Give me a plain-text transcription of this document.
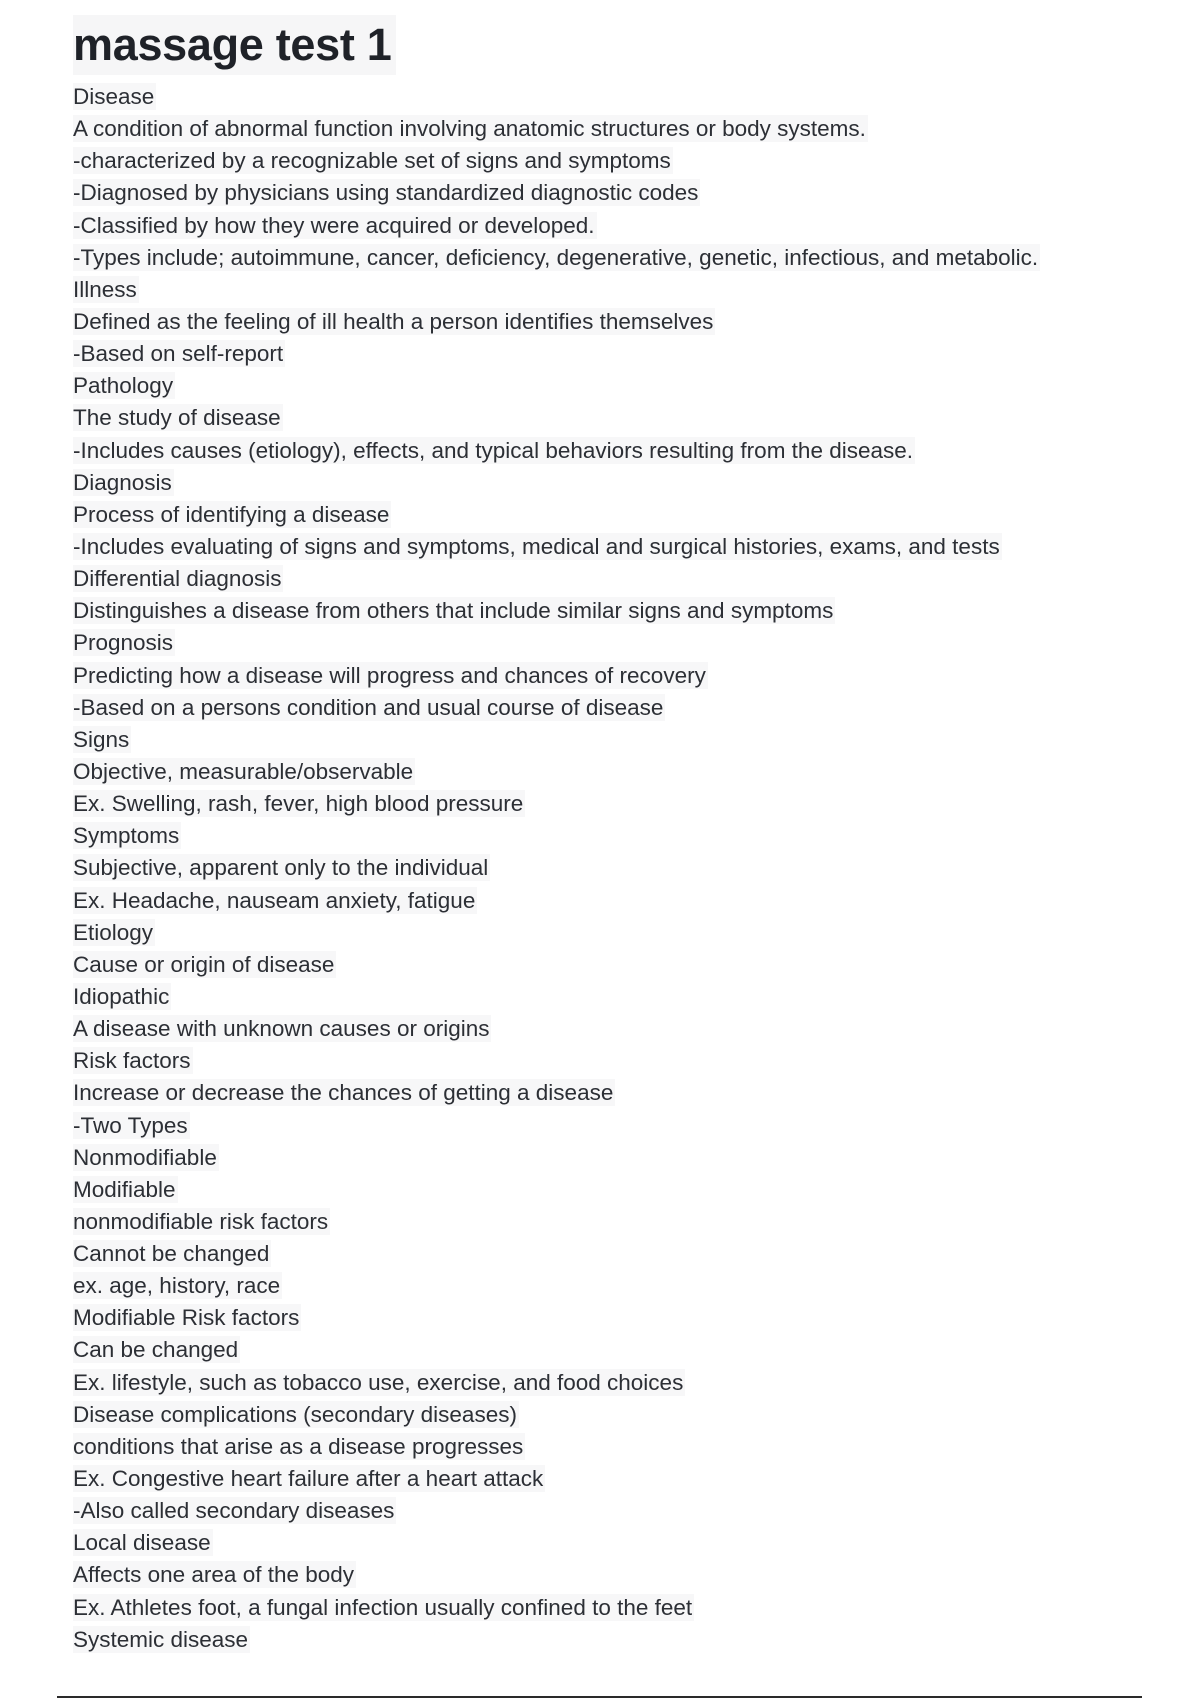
massage test 1
Disease
A condition of abnormal function involving anatomic structures or body systems.
-characterized by a recognizable set of signs and symptoms
-Diagnosed by physicians using standardized diagnostic codes
-Classified by how they were acquired or developed.
-Types include; autoimmune, cancer, deficiency, degenerative, genetic, infectious, and metabolic.
Illness
Defined as the feeling of ill health a person identifies themselves
-Based on self-report
Pathology
The study of disease
-Includes causes (etiology), effects, and typical behaviors resulting from the disease.
Diagnosis
Process of identifying a disease
-Includes evaluating of signs and symptoms, medical and surgical histories, exams, and tests
Differential diagnosis
Distinguishes a disease from others that include similar signs and symptoms
Prognosis
Predicting how a disease will progress and chances of recovery
-Based on a persons condition and usual course of disease
Signs
Objective, measurable/observable
Ex. Swelling, rash, fever, high blood pressure
Symptoms
Subjective, apparent only to the individual
Ex. Headache, nauseam anxiety, fatigue
Etiology
Cause or origin of disease
Idiopathic
A disease with unknown causes or origins
Risk factors
Increase or decrease the chances of getting a disease
-Two Types
Nonmodifiable
Modifiable
nonmodifiable risk factors
Cannot be changed
ex. age, history, race
Modifiable Risk factors
Can be changed
Ex. lifestyle, such as tobacco use, exercise, and food choices
Disease complications (secondary diseases)
conditions that arise as a disease progresses
Ex. Congestive heart failure after a heart attack
-Also called secondary diseases
Local disease
Affects one area of the body
Ex. Athletes foot, a fungal infection usually confined to the feet
Systemic disease
